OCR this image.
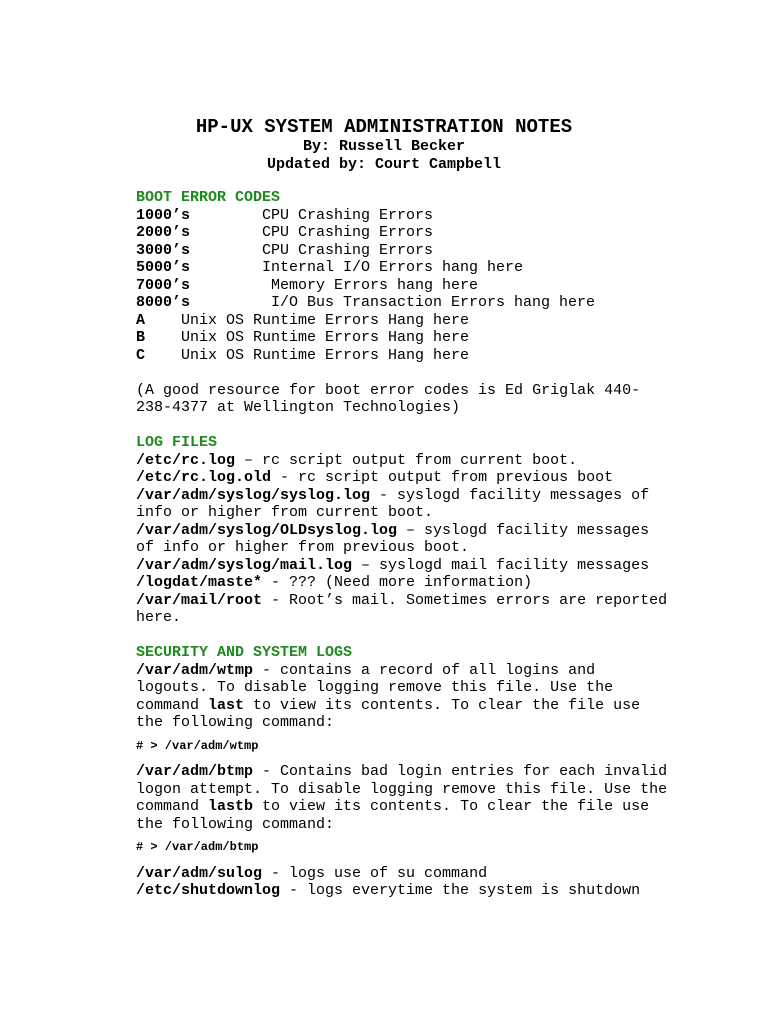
HP-UX SYSTEM ADMINISTRATION NOTES
By: Russell Becker
Updated by: Court Campbell
BOOT ERROR CODES
1000’s	CPU Crashing Errors
2000’s	CPU Crashing Errors
3000’s	CPU Crashing Errors
5000’s	Internal I/O Errors hang here
7000’s	Memory Errors hang here
8000’s	I/O Bus Transaction Errors hang here
A	Unix OS Runtime Errors Hang here
B	Unix OS Runtime Errors Hang here
C	Unix OS Runtime Errors Hang here

(A good resource for boot error codes is Ed Griglak 440-238-4377 at Wellington Technologies)

LOG FILES

/etc/rc.log – rc script output from current boot.

/etc/rc.log.old - rc script output from previous boot

/var/adm/syslog/syslog.log - syslogd facility messages of info or higher from current boot.

/var/adm/syslog/OLDsyslog.log – syslogd facility messages of info or higher from previous boot.

/var/adm/syslog/mail.log – syslogd mail facility messages

/logdat/maste* - ??? (Need more information)

/var/mail/root - Root’s mail. Sometimes errors are reported here.

SECURITY AND SYSTEM LOGS

/var/adm/wtmp - contains a record of all logins and logouts. To disable logging remove this file. Use the command last to view its contents. To clear the file use the following command:

# > /var/adm/wtmp

/var/adm/btmp - Contains bad login entries for each invalid logon attempt. To disable logging remove this file. Use the command lastb to view its contents. To clear the file use the following command:

# > /var/adm/btmp

/var/adm/sulog - logs use of su command

/etc/shutdownlog - logs everytime the system is shutdown
